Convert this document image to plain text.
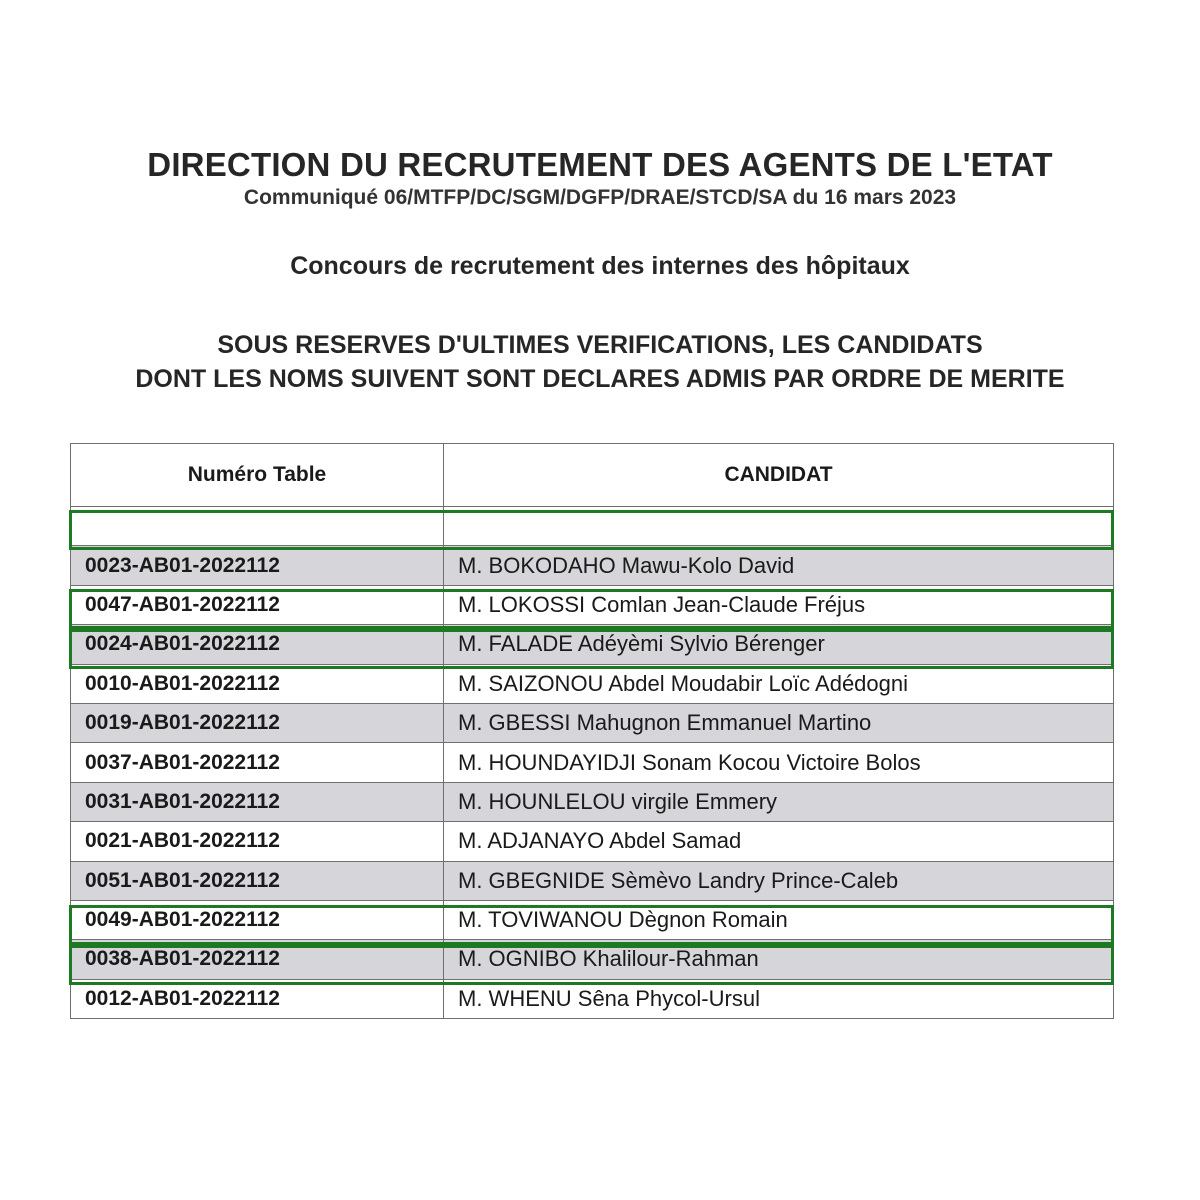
DIRECTION DU RECRUTEMENT DES AGENTS DE L'ETAT
Communiqué 06/MTFP/DC/SGM/DGFP/DRAE/STCD/SA du 16 mars 2023
Concours de recrutement des internes des hôpitaux
SOUS RESERVES D'ULTIMES VERIFICATIONS, LES CANDIDATS
DONT LES NOMS SUIVENT SONT DECLARES ADMIS PAR ORDRE DE MERITE
Numéro Table	CANDIDAT

0023-AB01-2022112	M. BOKODAHO Mawu-Kolo David
0047-AB01-2022112	M. LOKOSSI Comlan Jean-Claude Fréjus
0024-AB01-2022112	M. FALADE Adéyèmi Sylvio Bérenger
0010-AB01-2022112	M. SAIZONOU Abdel Moudabir Loïc Adédogni
0019-AB01-2022112	M. GBESSI Mahugnon Emmanuel Martino
0037-AB01-2022112	M. HOUNDAYIDJI Sonam Kocou Victoire Bolos
0031-AB01-2022112	M. HOUNLELOU virgile Emmery
0021-AB01-2022112	M. ADJANAYO Abdel Samad
0051-AB01-2022112	M. GBEGNIDE Sèmèvo Landry Prince-Caleb
0049-AB01-2022112	M. TOVIWANOU Dègnon Romain
0038-AB01-2022112	M. OGNIBO Khalilour-Rahman
0012-AB01-2022112	M. WHENU Sêna Phycol-Ursul
